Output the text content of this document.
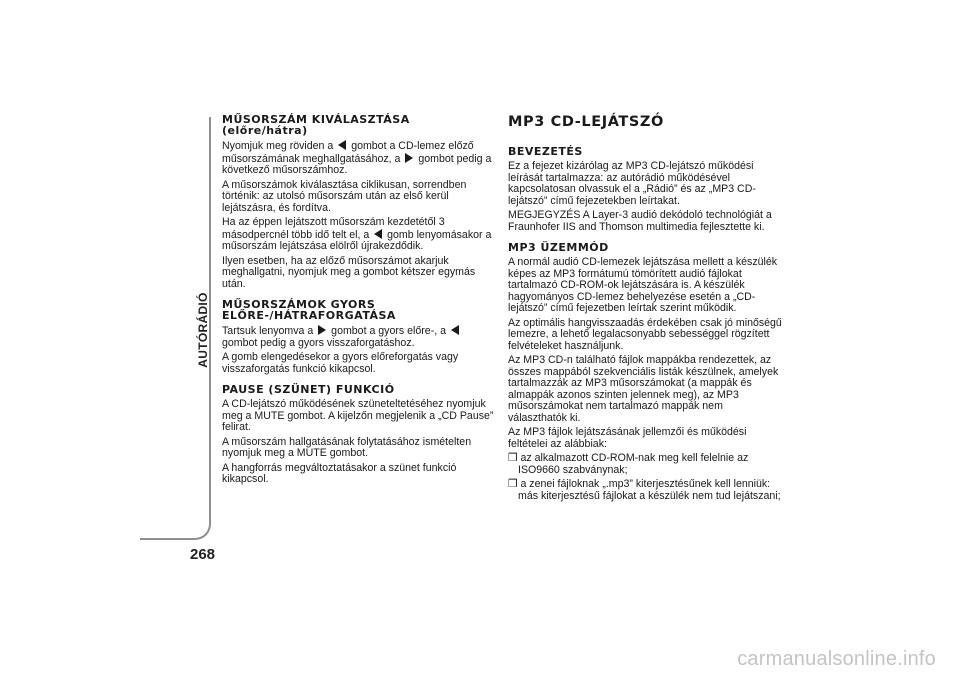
AUTÓRÁDIÓ
268
MŰSORSZÁM KIVÁLASZTÁSA
(előre/hátra)

Nyomjuk meg röviden a gombot a CD-lemez előző műsorszámának meghallgatásához, a gombot pedig a következő műsorszámhoz.

A műsorszámok kiválasztása ciklikusan, sorrendben történik: az utolsó műsorszám után az első kerül lejátszásra, és fordítva.

Ha az éppen lejátszott műsorszám kezdetétől 3 másodpercnél több idő telt el, a gomb lenyomásakor a műsorszám lejátszása elölről újrakezdődik.

Ilyen esetben, ha az előző műsorszámot akarjuk meghallgatni, nyomjuk meg a gombot kétszer egymás után.

MŰSORSZÁMOK GYORS
ELŐRE-/HÁTRAFORGATÁSA

Tartsuk lenyomva a gombot a gyors előre-, a  gombot pedig a gyors visszaforgatáshoz.

A gomb elengedésekor a gyors előreforgatás vagy visszaforgatás funkció kikapcsol.

PAUSE (SZÜNET) FUNKCIÓ

A CD-lejátszó működésének szüneteltetéséhez nyomjuk meg a MUTE gombot. A kijelzőn megjelenik a „CD Pause” felirat.

A műsorszám hallgatásának folytatásához ismételten nyomjuk meg a MUTE gombot.

A hangforrás megváltoztatásakor a szünet funkció kikapcsol.

MP3 CD-LEJÁTSZÓ
BEVEZETÉS

Ez a fejezet kizárólag az MP3 CD-lejátszó működési leírását tartalmazza: az autórádió működésével kapcsolatosan olvassuk el a „Rádió” és az „MP3 CD-lejátszó” című fejezetekben leírtakat.

MEGJEGYZÉS A Layer-3 audió dekódoló technológiát a Fraunhofer IIS and Thomson multimedia fejlesztette ki.

MP3 ÜZEMMÓD

A normál audió CD-lemezek lejátszása mellett a készülék képes az MP3 formátumú tömörített audió fájlokat tartalmazó CD-ROM-ok lejátszására is. A készülék hagyományos CD-lemez behelyezése esetén a „CD-lejátszó” című fejezetben leírtak szerint működik.

Az optimális hangvisszaadás érdekében csak jó minőségű lemezre, a lehető legalacsonyabb sebességgel rögzített felvételeket használjunk.

Az MP3 CD-n található fájlok mappákba rendezettek, az összes mappából szekvenciális listák készülnek, amelyek tartalmazzák az MP3 műsorszámokat (a mappák és almappák azonos szinten jelennek meg), az MP3 műsorszámokat nem tartalmazó mappák nem választhatók ki.

Az MP3 fájlok lejátszásának jellemzői és működési feltételei az alábbiak:

❒ az alkalmazott CD-ROM-nak meg kell felelnie az ISO9660 szabványnak;

❒ a zenei fájloknak „.mp3” kiterjesztésűnek kell lenniük: más kiterjesztésű fájlokat a készülék nem tud lejátszani;

carmanualsonline.info
